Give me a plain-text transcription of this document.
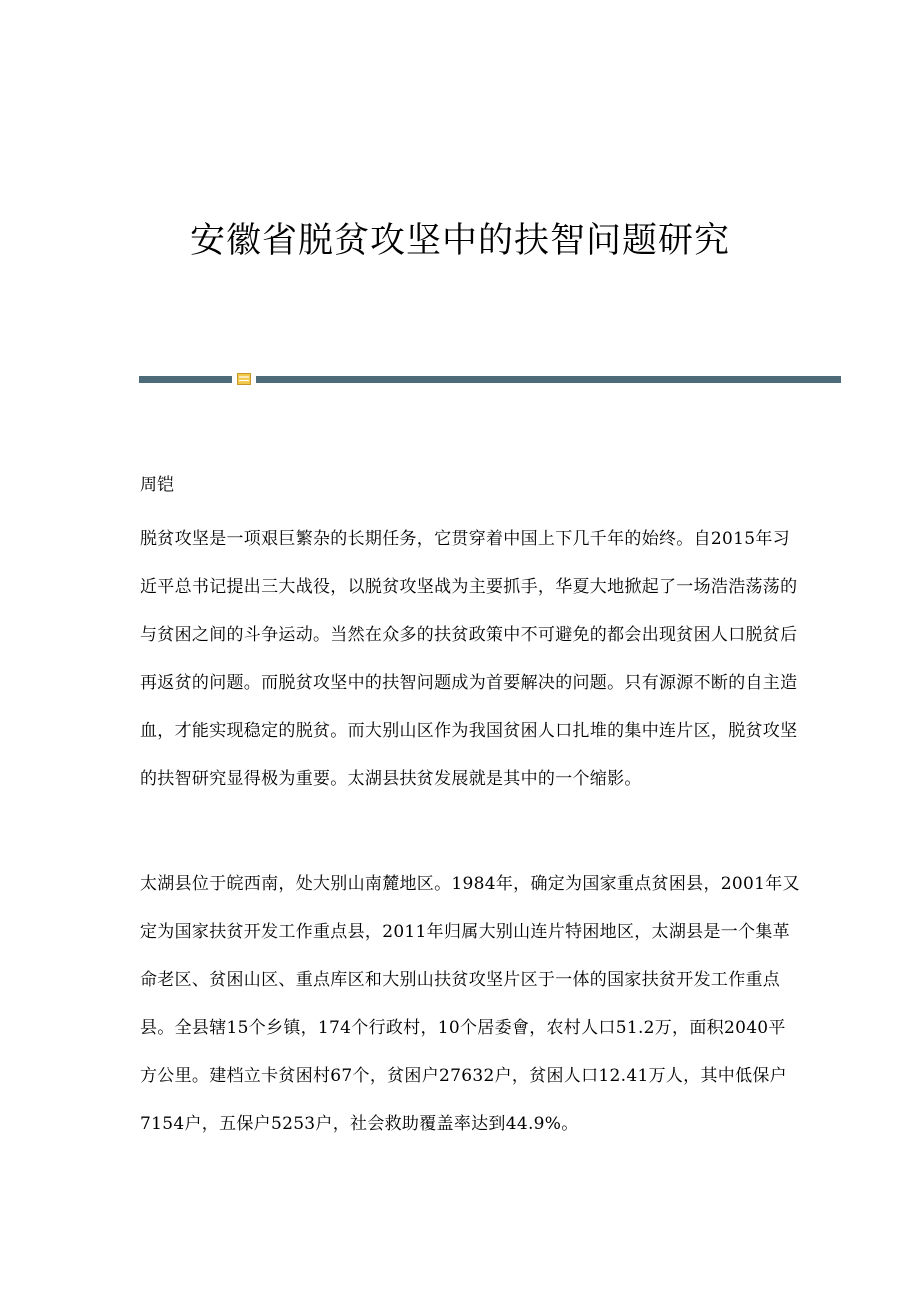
安徽省脱贫攻坚中的扶智问题研究

周铠

脱贫攻坚是一项艰巨繁杂的长期任务，它贯穿着中国上下几千年的始终。自2015年习近平总书记提出三大战役，以脱贫攻坚战为主要抓手，华夏大地掀起了一场浩浩荡荡的与贫困之间的斗争运动。当然在众多的扶贫政策中不可避免的都会出现贫困人口脱贫后再返贫的问题。而脱贫攻坚中的扶智问题成为首要解决的问题。只有源源不断的自主造血，才能实现稳定的脱贫。而大别山区作为我国贫困人口扎堆的集中连片区，脱贫攻坚的扶智研究显得极为重要。太湖县扶贫发展就是其中的一个缩影。

太湖县位于皖西南，处大别山南麓地区。1984年，确定为国家重点贫困县，2001年又定为国家扶贫开发工作重点县，2011年归属大别山连片特困地区，太湖县是一个集革命老区、贫困山区、重点库区和大别山扶贫攻坚片区于一体的国家扶贫开发工作重点县。全县辖15个乡镇，174个行政村，10个居委會，农村人口51.2万，面积2040平方公里。建档立卡贫困村67个，贫困户27632户，贫困人口12.41万人，其中低保户7154户，五保户5253户，社会救助覆盖率达到44.9%。
